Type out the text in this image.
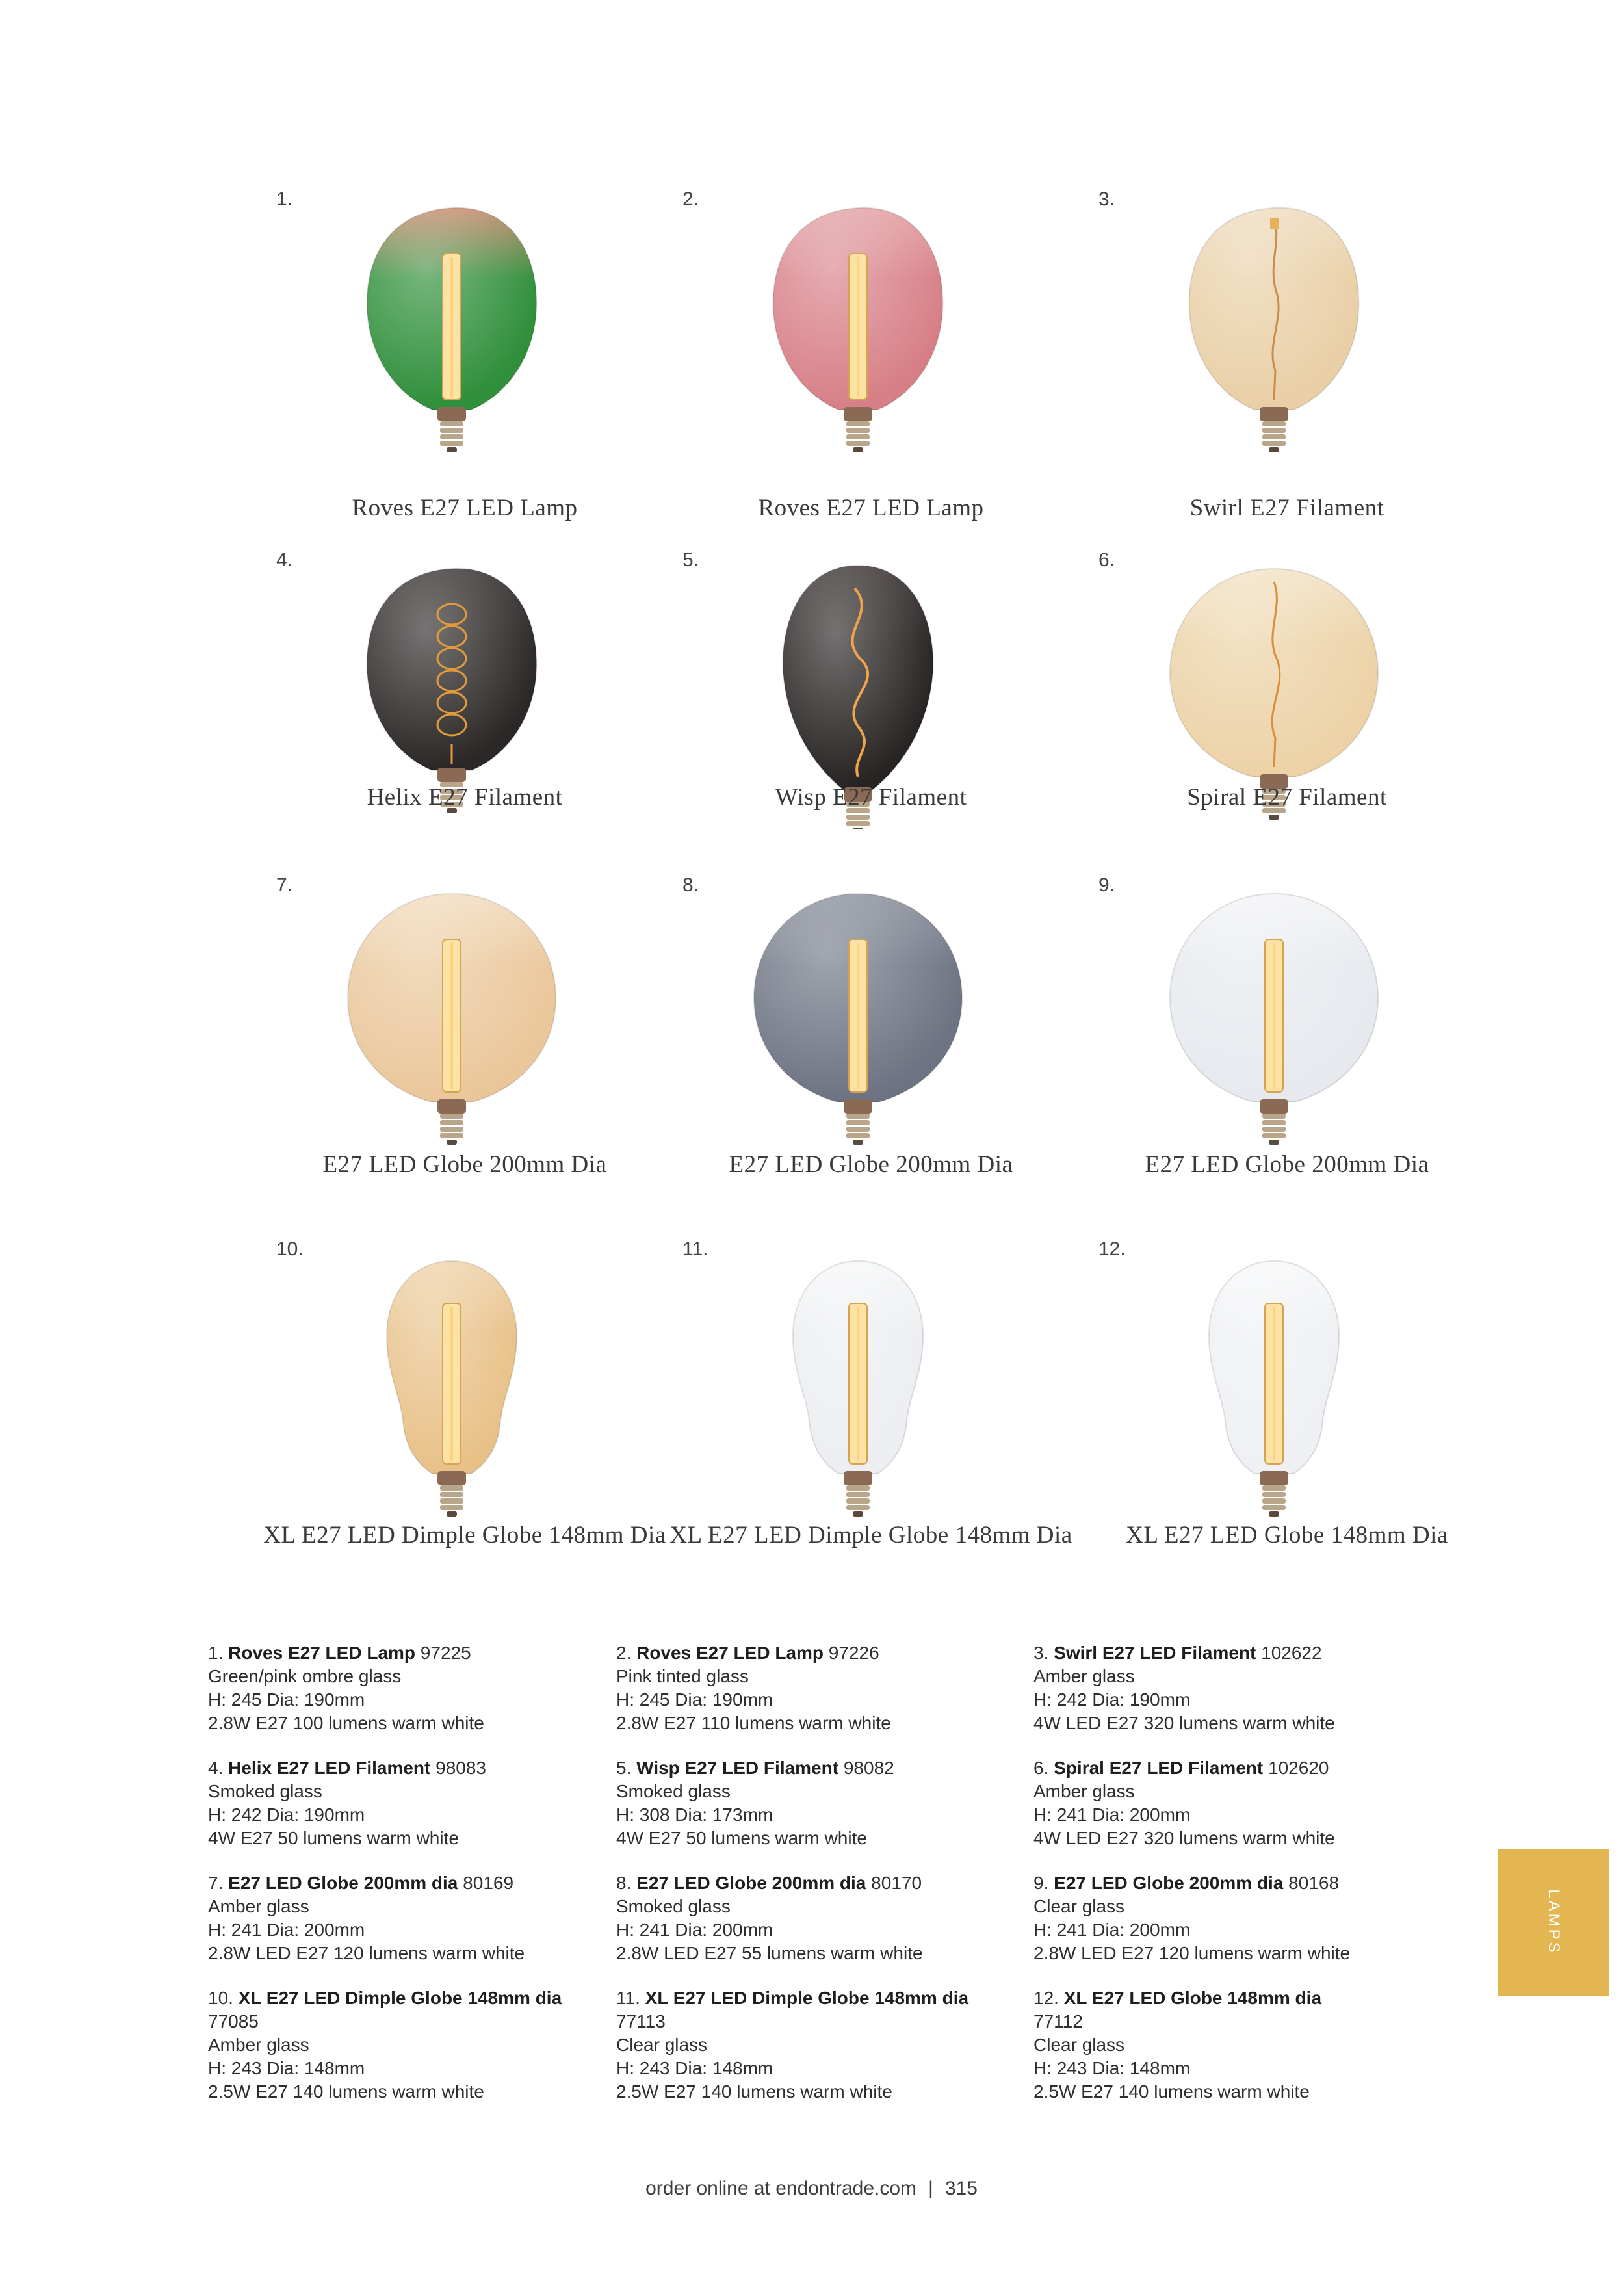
1.
Roves E27 LED Lamp
2.
Roves E27 LED Lamp
3.
Swirl E27 Filament
4.
Helix E27 Filament
5.
Wisp E27 Filament
6.
Spiral E27 Filament
7.
E27 LED Globe 200mm Dia
8.
E27 LED Globe 200mm Dia
9.
E27 LED Globe 200mm Dia
10.
XL E27 LED Dimple Globe 148mm Dia
11.
XL E27 LED Dimple Globe 148mm Dia
12.
XL E27 LED Globe 148mm Dia

1. Roves E27 LED Lamp 97225

Green/pink ombre glass

H: 245 Dia: 190mm

2.8W E27 100 lumens warm white

2. Roves E27 LED Lamp 97226

Pink tinted glass

H: 245 Dia: 190mm

2.8W E27 110 lumens warm white

3. Swirl E27 LED Filament 102622

Amber glass

H: 242 Dia: 190mm

4W LED E27 320 lumens warm white

4. Helix E27 LED Filament 98083

Smoked glass

H: 242 Dia: 190mm

4W E27 50 lumens warm white

5. Wisp E27 LED Filament 98082

Smoked glass

H: 308 Dia: 173mm

4W E27 50 lumens warm white

6. Spiral E27 LED Filament 102620

Amber glass

H: 241 Dia: 200mm

4W LED E27 320 lumens warm white

7. E27 LED Globe 200mm dia 80169

Amber glass

H: 241 Dia: 200mm

2.8W LED E27 120 lumens warm white

8. E27 LED Globe 200mm dia 80170

Smoked glass

H: 241 Dia: 200mm

2.8W LED E27 55 lumens warm white

9. E27 LED Globe 200mm dia 80168

Clear glass

H: 241 Dia: 200mm

2.8W LED E27 120 lumens warm white

10. XL E27 LED Dimple Globe 148mm dia

77085

Amber glass

H: 243 Dia: 148mm

2.5W E27 140 lumens warm white

11. XL E27 LED Dimple Globe 148mm dia

77113

Clear glass

H: 243 Dia: 148mm

2.5W E27 140 lumens warm white

12. XL E27 LED Globe 148mm dia

77112

Clear glass

H: 243 Dia: 148mm

2.5W E27 140 lumens warm white

LAMPS
order online at endontrade.com | 315
